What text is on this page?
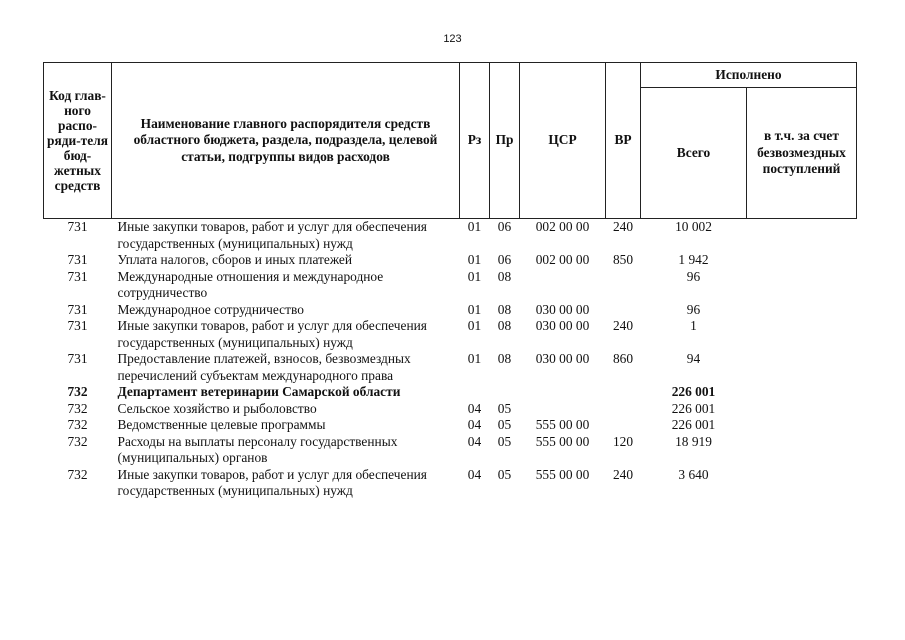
123
Код глав-ного распо-ряди-теля бюд-жетных средств	Наименование главного распорядителя средств областного бюджета, раздела, подраздела, целевой статьи, подгруппы видов расходов	Рз	Пр	ЦСР	ВР	Исполнено	
						Всего	в т.ч. за счет безвозмездных поступлений
731	Иные закупки товаров, работ и услуг для обеспечения государственных (муниципальных) нужд	01	06	002 00 00	240	10 002	
731	Уплата налогов, сборов и иных платежей	01	06	002 00 00	850	1 942	
731	Международные отношения и международное сотрудничество	01	08			96	
731	Международное сотрудничество	01	08	030 00 00		96	
731	Иные закупки товаров, работ и услуг для обеспечения государственных (муниципальных) нужд	01	08	030 00 00	240	1	
731	Предоставление платежей, взносов, безвозмездных перечислений субъектам международного права	01	08	030 00 00	860	94	
732	Департамент ветеринарии Самарской области					226 001	
732	Сельское хозяйство и рыболовство	04	05			226 001	
732	Ведомственные целевые программы	04	05	555 00 00		226 001	
732	Расходы на выплаты персоналу государственных (муниципальных) органов	04	05	555 00 00	120	18 919	
732	Иные закупки товаров, работ и услуг для обеспечения государственных (муниципальных) нужд	04	05	555 00 00	240	3 640	
